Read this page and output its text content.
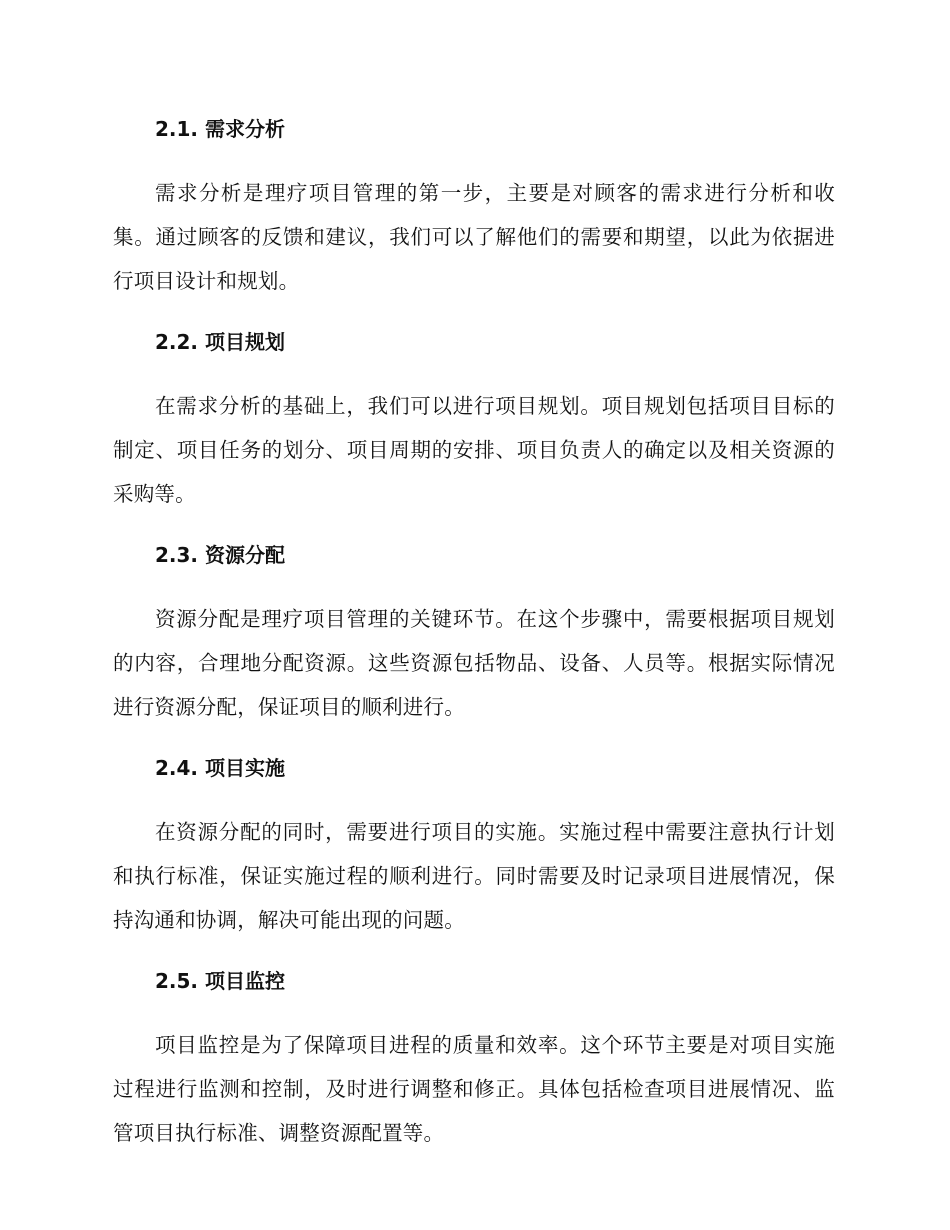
2.1. 需求分析

需求分析是理疗项目管理的第一步，主要是对顾客的需求进行分析和收集。通过顾客的反馈和建议，我们可以了解他们的需要和期望，以此为依据进行项目设计和规划。

2.2. 项目规划

在需求分析的基础上，我们可以进行项目规划。项目规划包括项目目标的制定、项目任务的划分、项目周期的安排、项目负责人的确定以及相关资源的采购等。

2.3. 资源分配

资源分配是理疗项目管理的关键环节。在这个步骤中，需要根据项目规划的内容，合理地分配资源。这些资源包括物品、设备、人员等。根据实际情况进行资源分配，保证项目的顺利进行。

2.4. 项目实施

在资源分配的同时，需要进行项目的实施。实施过程中需要注意执行计划和执行标准，保证实施过程的顺利进行。同时需要及时记录项目进展情况，保持沟通和协调，解决可能出现的问题。

2.5. 项目监控

项目监控是为了保障项目进程的质量和效率。这个环节主要是对项目实施过程进行监测和控制，及时进行调整和修正。具体包括检查项目进展情况、监管项目执行标准、调整资源配置等。
